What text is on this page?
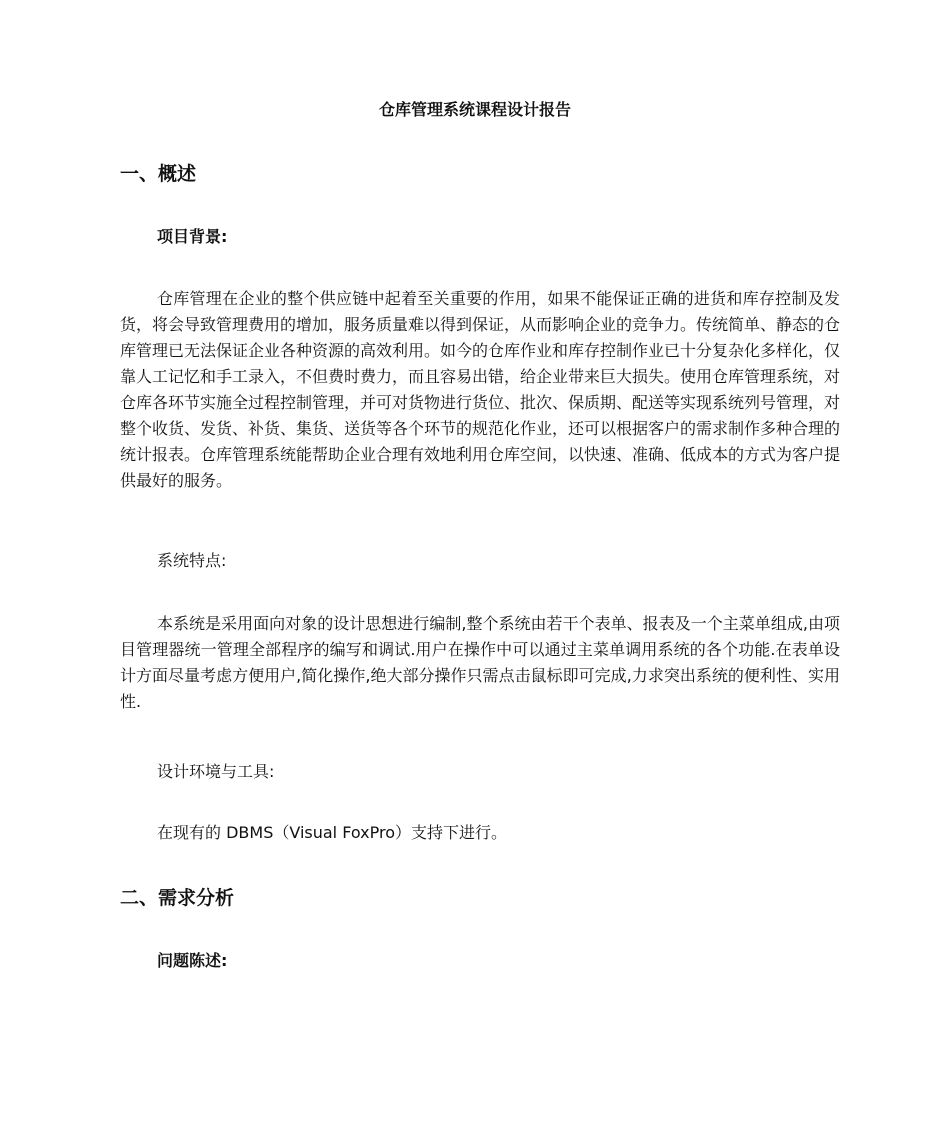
仓库管理系统课程设计报告
一、概述
项目背景:

仓库管理在企业的整个供应链中起着至关重要的作用，如果不能保证正确的进货和库存控制及发货，将会导致管理费用的增加，服务质量难以得到保证，从而影响企业的竞争力。传统简单、静态的仓库管理已无法保证企业各种资源的高效利用。如今的仓库作业和库存控制作业已十分复杂化多样化，仅靠人工记忆和手工录入，不但费时费力，而且容易出错，给企业带来巨大损失。使用仓库管理系统，对仓库各环节实施全过程控制管理，并可对货物进行货位、批次、保质期、配送等实现系统列号管理，对整个收货、发货、补货、集货、送货等各个环节的规范化作业，还可以根据客户的需求制作多种合理的统计报表。仓库管理系统能帮助企业合理有效地利用仓库空间，以快速、准确、低成本的方式为客户提供最好的服务。

系统特点:

本系统是采用面向对象的设计思想进行编制,整个系统由若干个表单、报表及一个主菜单组成,由项目管理器统一管理全部程序的编写和调试.用户在操作中可以通过主菜单调用系统的各个功能.在表单设计方面尽量考虑方便用户,简化操作,绝大部分操作只需点击鼠标即可完成,力求突出系统的便利性、实用性.

设计环境与工具:
在现有的 DBMS（Visual FoxPro）支持下进行。
二、需求分析
问题陈述:
